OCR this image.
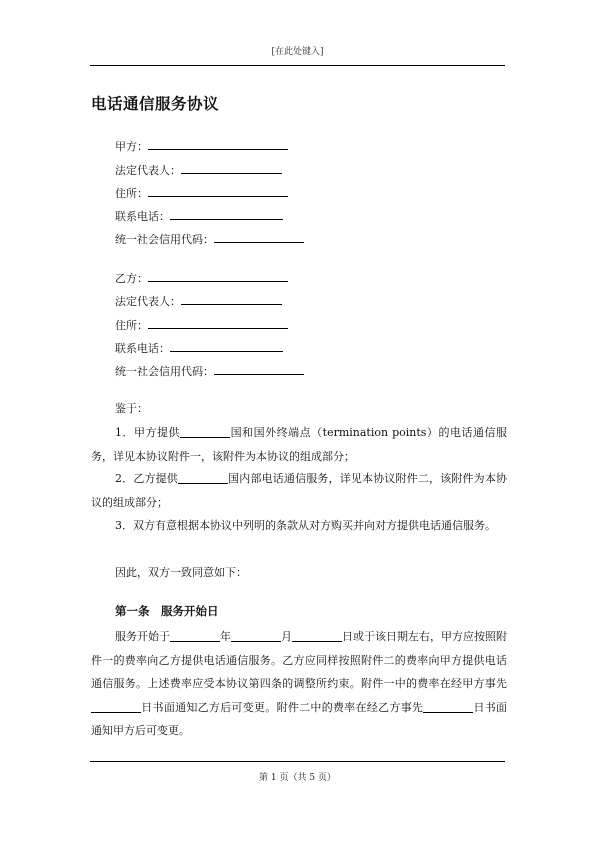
[在此处键入]
电话通信服务协议
甲方：
法定代表人：
住所：
联系电话：
统一社会信用代码：
乙方：
法定代表人：
住所：
联系电话：
统一社会信用代码：

鉴于：

1．甲方提供	国和国外终端点（termination points）的电话通信服务，详见本协议附件一，该附件为本协议的组成部分；

2．乙方提供	国内部电话通信服务，详见本协议附件二，该附件为本协议的组成部分；

3．双方有意根据本协议中列明的条款从对方购买并向对方提供电话通信服务。

因此，双方一致同意如下：

第一条　服务开始日

服务开始于	年	月	日或于该日期左右，甲方应按照附件一的费率向乙方提供电话通信服务。乙方应同样按照附件二的费率向甲方提供电话通信服务。上述费率应受本协议第四条的调整所约束。附件一中的费率在经甲方事先日书面通知乙方后可变更。附件二中的费率在经乙方事先	日书面通知甲方后可变更。

第 1 页（共 5 页）
